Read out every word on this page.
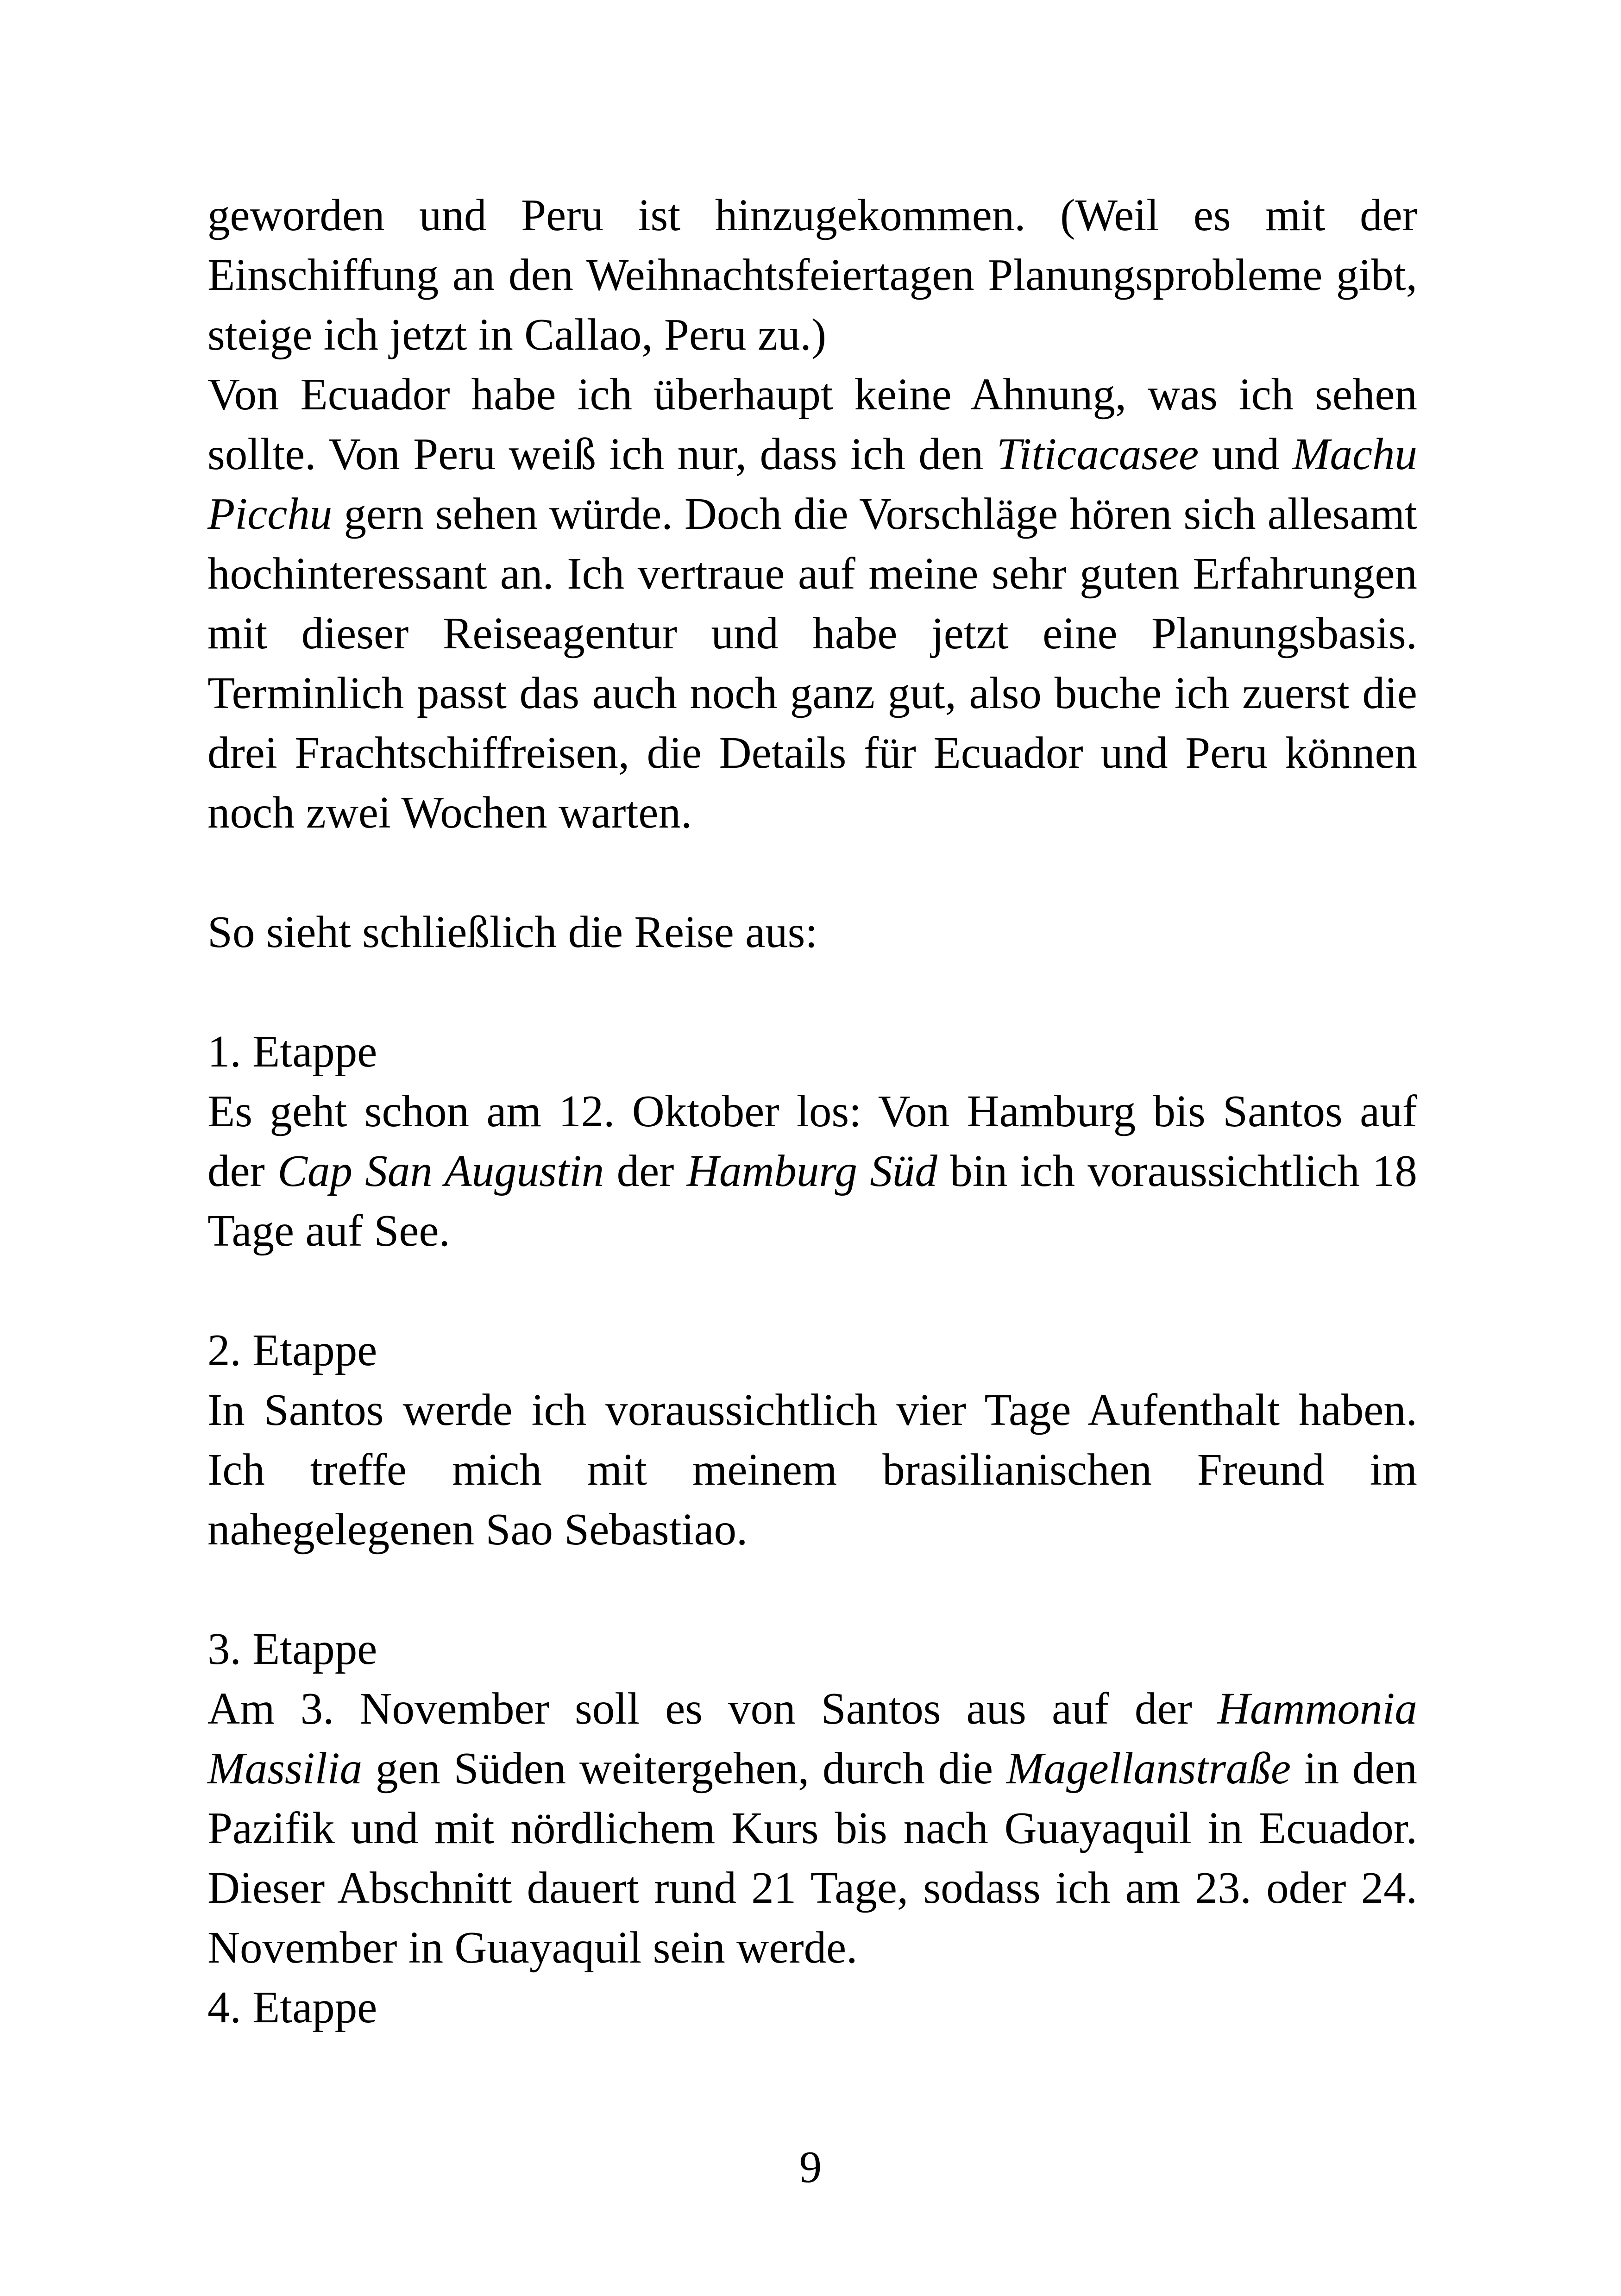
geworden und Peru ist hinzugekommen. (Weil es mit der Einschiffung an den Weihnachtsfeiertagen Planungsprobleme gibt, steige ich jetzt in Callao, Peru zu.)

Von Ecuador habe ich überhaupt keine Ahnung, was ich sehen sollte. Von Peru weiß ich nur, dass ich den Titicacasee und Machu Picchu gern sehen würde. Doch die Vorschläge hören sich allesamt hochinteressant an. Ich vertraue auf meine sehr guten Erfahrungen mit dieser Reiseagentur und habe jetzt eine Planungsbasis. Terminlich passt das auch noch ganz gut, also buche ich zuerst die drei Frachtschiffreisen, die Details für Ecuador und Peru können noch zwei Wochen warten.

So sieht schließlich die Reise aus:

1. Etappe

Es geht schon am 12. Oktober los: Von Hamburg bis Santos auf der Cap San Augustin der Hamburg Süd bin ich voraussichtlich 18 Tage auf See.

2. Etappe

In Santos werde ich voraussichtlich vier Tage Aufenthalt haben. Ich treffe mich mit meinem brasilianischen Freund im nahegelegenen Sao Sebastiao.

3. Etappe

Am 3. November soll es von Santos aus auf der Hammonia Massilia gen Süden weitergehen, durch die Magellanstraße in den Pazifik und mit nördlichem Kurs bis nach Guayaquil in Ecuador. Dieser Abschnitt dauert rund 21 Tage, sodass ich am 23. oder 24. November in Guayaquil sein werde.

4. Etappe

9
